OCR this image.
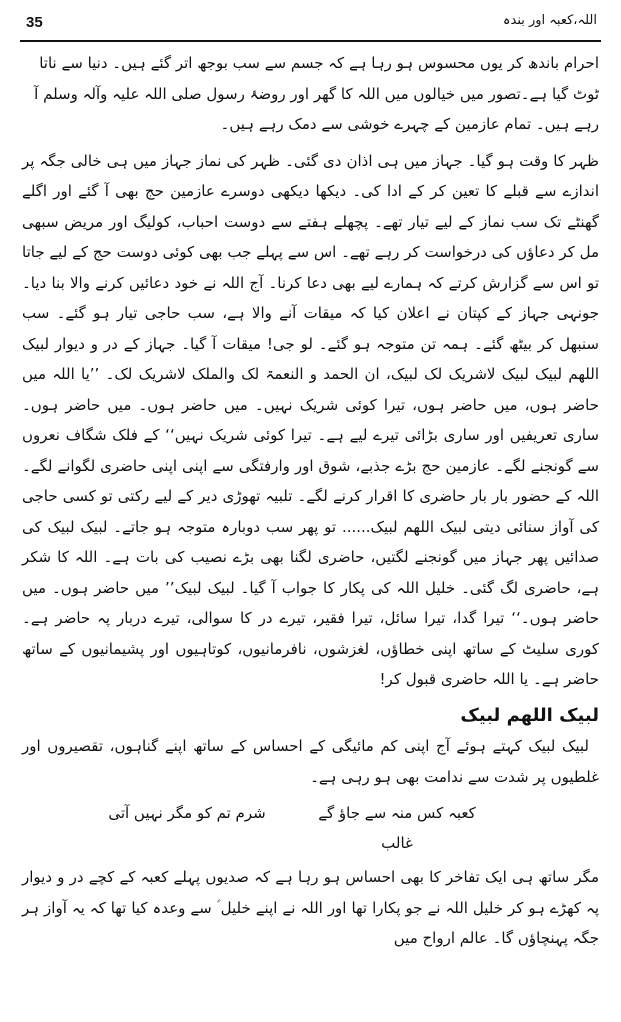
35	اللہ،کعبہ اور بندہ

احرام باندھ کر یوں محسوس ہو رہا ہے کہ جسم سے سب بوجھ اتر گئے ہیں۔ دنیا سے ناتا ٹوٹ گیا ہے۔تصور میں خیالوں میں اللہ کا گھر اور روضۂ رسول صلی اللہ علیہ وآلہ وسلم آ رہے ہیں۔ تمام عازمین کے چہرے خوشی سے دمک رہے ہیں۔

ظہر کا وقت ہو گیا۔ جہاز میں ہی اذان دی گئی۔ ظہر کی نماز جہاز میں ہی خالی جگہ پر اندازے سے قبلے کا تعین کر کے ادا کی۔ دیکھا دیکھی دوسرے عازمین حج بھی آ گئے اور اگلے گھنٹے تک سب نماز کے لیے تیار تھے۔ پچھلے ہفتے سے دوست احباب، کولیگ اور مریض سبھی مل کر دعاؤں کی درخواست کر رہے تھے۔ اس سے پہلے جب بھی کوئی دوست حج کے لیے جاتا تو اس سے گزارش کرتے کہ ہمارے لیے بھی دعا کرنا۔ آج اللہ نے خود دعائیں کرنے والا بنا دیا۔ جونہی جہاز کے کپتان نے اعلان کیا کہ میقات آنے والا ہے، سب حاجی تیار ہو گئے۔ سب سنبھل کر بیٹھ گئے۔ ہمہ تن متوجہ ہو گئے۔ لو جی! میقات آ گیا۔ جہاز کے در و دیوار لبیک اللھم لبیک لبیک لاشریک لک لبیک، ان الحمد و النعمۃ لک والملک لاشریک لک۔ ’’یا اللہ میں حاضر ہوں، میں حاضر ہوں، تیرا کوئی شریک نہیں۔ میں حاضر ہوں۔ میں حاضر ہوں۔ ساری تعریفیں اور ساری بڑائی تیرے لیے ہے۔ تیرا کوئی شریک نہیں‘‘ کے فلک شگاف نعروں سے گونجنے لگے۔ عازمین حج بڑے جذبے، شوق اور وارفتگی سے اپنی اپنی حاضری لگوانے لگے۔ اللہ کے حضور بار بار حاضری کا اقرار کرنے لگے۔ تلبیہ تھوڑی دیر کے لیے رکتی تو کسی حاجی کی آواز سنائی دیتی لبیک اللھم لبیک...... تو پھر سب دوبارہ متوجہ ہو جاتے۔ لبیک لبیک کی صدائیں پھر جہاز میں گونجنے لگتیں، حاضری لگنا بھی بڑے نصیب کی بات ہے۔ اللہ کا شکر ہے، حاضری لگ گئی۔ خلیل اللہ کی پکار کا جواب آ گیا۔ لبیک لبیک’’ میں حاضر ہوں۔ میں حاضر ہوں۔‘‘ تیرا گدا، تیرا سائل، تیرا فقیر، تیرے در کا سوالی، تیرے دربار پہ حاضر ہے۔ کوری سلیٹ کے ساتھ اپنی خطاؤں، لغزشوں، نافرمانیوں، کوتاہیوں اور پشیمانیوں کے ساتھ حاضر ہے۔ یا اللہ حاضری قبول کر!

لبیک اللھم لبیک

لبیک لبیک کہتے ہوئے آج اپنی کم مائیگی کے احساس کے ساتھ اپنے گناہوں، تقصیروں اور غلطیوں پر شدت سے ندامت بھی ہو رہی ہے۔

کعبہ کس منہ سے جاؤ گے غالب
شرم تم کو مگر نہیں آتی

مگر ساتھ ہی ایک تفاخر کا بھی احساس ہو رہا ہے کہ صدیوں پہلے کعبہ کے کچے در و دیوار پہ کھڑے ہو کر خلیل اللہ نے جو پکارا تھا اور اللہ نے اپنے خلیل ؑ سے وعدہ کیا تھا کہ یہ آواز ہر جگہ پہنچاؤں گا۔ عالم ارواح میں
